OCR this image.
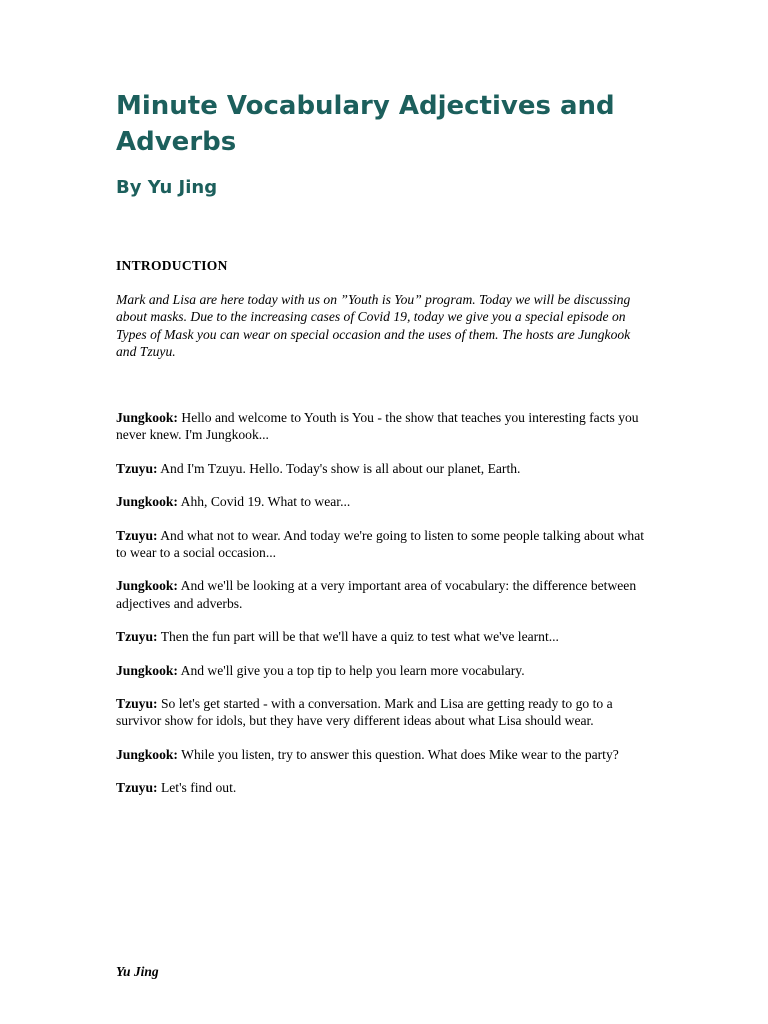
Minute Vocabulary Adjectives and Adverbs
By Yu Jing
INTRODUCTION

Mark and Lisa are here today with us on ”Youth is You” program. Today we will be discussing about masks. Due to the increasing cases of Covid 19, today we give you a special episode on Types of Mask you can wear on special occasion and the uses of them. The hosts are Jungkook and Tzuyu.

Jungkook: Hello and welcome to Youth is You - the show that teaches you interesting facts you never knew. I'm Jungkook...
Tzuyu: And I'm Tzuyu. Hello. Today's show is all about our planet, Earth.
Jungkook: Ahh, Covid 19. What to wear...
Tzuyu: And what not to wear. And today we're going to listen to some people talking about what to wear to a social occasion...
Jungkook: And we'll be looking at a very important area of vocabulary: the difference between adjectives and adverbs.
Tzuyu: Then the fun part will be that we'll have a quiz to test what we've learnt...
Jungkook: And we'll give you a top tip to help you learn more vocabulary.
Tzuyu: So let's get started - with a conversation. Mark and Lisa are getting ready to go to a survivor show for idols, but they have very different ideas about what Lisa should wear.
Jungkook: While you listen, try to answer this question. What does Mike wear to the party?
Tzuyu: Let's find out.

Yu Jing
